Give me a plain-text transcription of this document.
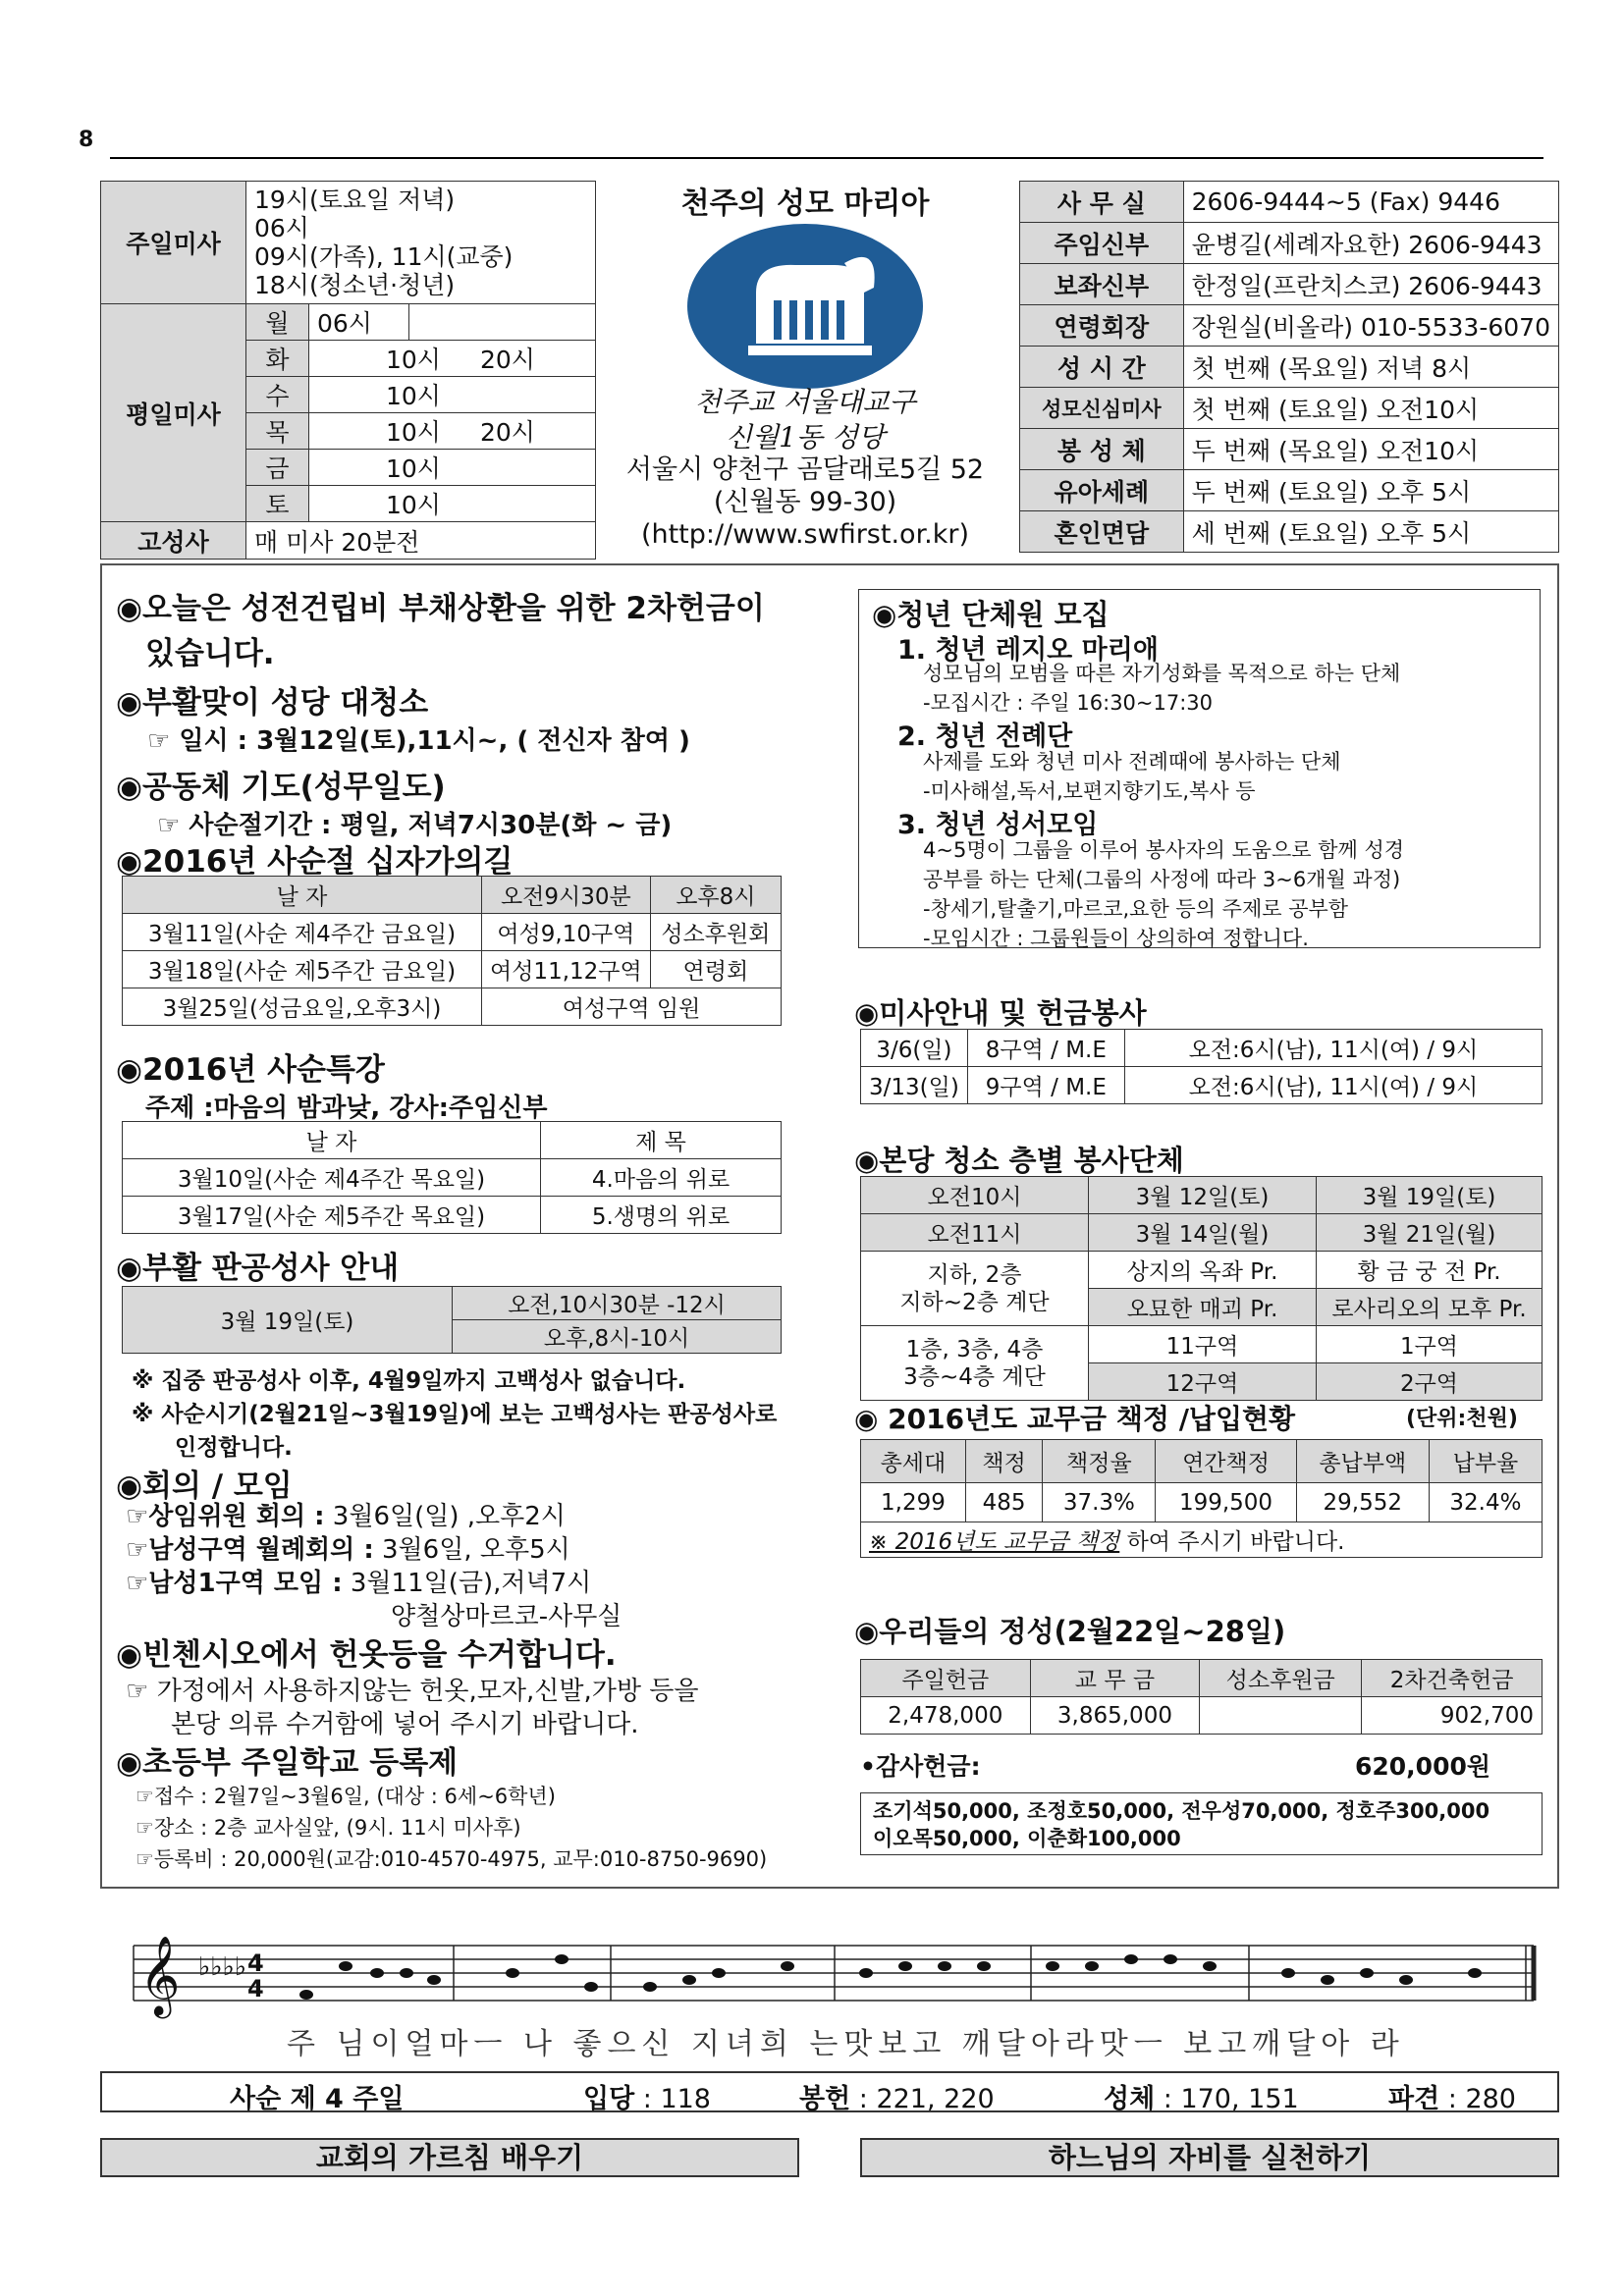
8
주일미사	19시(토요일 저녁)
06시
09시(가족), 11시(교중)
18시(청소년·청년)		

평일미사	월	06시	
	화	10시 20시	
	수	10시	
	목	10시 20시	
	금	10시	
	토	10시	
고성사	매 미사 20분전		
천주의 성모 마리아
천주교 서울대교구
신월1동 성당
서울시 양천구 곰달래로5길 52
(신월동 99-30)
(http://www.swfirst.or.kr)
사 무 실	2606-9444~5 (Fax) 9446
주임신부	윤병길(세례자요한) 2606-9443
보좌신부	한정일(프란치스코) 2606-9443
연령회장	장원실(비올라) 010-5533-6070
성 시 간	첫 번째 (목요일) 저녁 8시
성모신심미사	첫 번째 (토요일) 오전10시
봉 성 체	두 번째 (목요일) 오전10시
유아세례	두 번째 (토요일) 오후 5시
혼인면담	세 번째 (토요일) 오후 5시
◉오늘은 성전건립비 부채상환을 위한 2차헌금이
있습니다.
◉부활맞이 성당 대청소
☞ 일시 : 3월12일(토),11시~, ( 전신자 참여 )
◉공동체 기도(성무일도)
☞ 사순절기간 : 평일, 저녁7시30분(화 ~ 금)
◉2016년 사순절 십자가의길
날 자	오전9시30분	오후8시
3월11일(사순 제4주간 금요일)	여성9,10구역	성소후원회
3월18일(사순 제5주간 금요일)	여성11,12구역	연령회
3월25일(성금요일,오후3시)	여성구역 임원	
◉2016년 사순특강
주제 :마음의 밤과낮, 강사:주임신부
날 자	제 목
3월10일(사순 제4주간 목요일)	4.마음의 위로
3월17일(사순 제5주간 목요일)	5.생명의 위로
◉부활 판공성사 안내
3월 19일(토)	오전,10시30분 -12시
오후,8시-10시
※ 집중 판공성사 이후, 4월9일까지 고백성사 없습니다.
※ 사순시기(2월21일~3월19일)에 보는 고백성사는 판공성사로
인정합니다.
◉회의 / 모임
☞상임위원 회의 : 3월6일(일) ,오후2시
☞남성구역 월례회의 : 3월6일, 오후5시
☞남성1구역 모임 : 3월11일(금),저녁7시
양철상마르코-사무실
◉빈첸시오에서 헌옷등을 수거합니다.
☞ 가정에서 사용하지않는 헌옷,모자,신발,가방 등을
본당 의류 수거함에 넣어 주시기 바랍니다.
◉초등부 주일학교 등록제
☞접수 : 2월7일~3월6일, (대상 : 6세~6학년)
☞장소 : 2층 교사실앞, (9시. 11시 미사후)
☞등록비 : 20,000원(교감:010-4570-4975, 교무:010-8750-9690)
◉청년 단체원 모집
1. 청년 레지오 마리애
성모님의 모범을 따른 자기성화를 목적으로 하는 단체
-모집시간 : 주일 16:30~17:30
2. 청년 전례단
사제를 도와 청년 미사 전례때에 봉사하는 단체
-미사해설,독서,보편지향기도,복사 등
3. 청년 성서모임
4~5명이 그룹을 이루어 봉사자의 도움으로 함께 성경
공부를 하는 단체(그룹의 사정에 따라 3~6개월 과정)
-창세기,탈출기,마르코,요한 등의 주제로 공부함
-모임시간 : 그룹원들이 상의하여 정합니다.
◉미사안내 및 헌금봉사
3/6(일)	8구역 / M.E	오전:6시(남), 11시(여) / 9시
3/13(일)	9구역 / M.E	오전:6시(남), 11시(여) / 9시
◉본당 청소 층별 봉사단체
오전10시	3월 12일(토)	3월 19일(토)
오전11시	3월 14일(월)	3월 21일(월)

지하, 2층
지하~2층 계단	상지의 옥좌 Pr.	황 금 궁 전 Pr.
	오묘한 매괴 Pr.	로사리오의 모후 Pr.

1층, 3층, 4층
3층~4층 계단	11구역	1구역
	12구역	2구역
◉ 2016년도 교무금 책정 /납입현황	(단위:천원)
총세대	책정	책정율	연간책정	총납부액	납부율
1,299	485	37.3%	199,500	29,552	32.4%
※ 2016년도 교무금 책정 하여 주시기 바랍니다.					
◉우리들의 정성(2월22일~28일)
주일헌금	교 무 금	성소후원금	2차건축헌금
2,478,000	3,865,000		902,700
•감사헌금:	620,000원
조기석50,000, 조정호50,000, 전우성70,000, 정호주300,000
이오목50,000, 이춘화100,000
𝄞 ♭♭♭♭ 4
4
주 님이얼마ㅡ 나 좋으신 지녀희 는맛보고 깨달아라맛ㅡ 보고깨달아 라
사순 제 4 주일	입당 : 118	봉헌 : 221, 220	성체 : 170, 151	파견 : 280
교회의 가르침 배우기	하느님의 자비를 실천하기
